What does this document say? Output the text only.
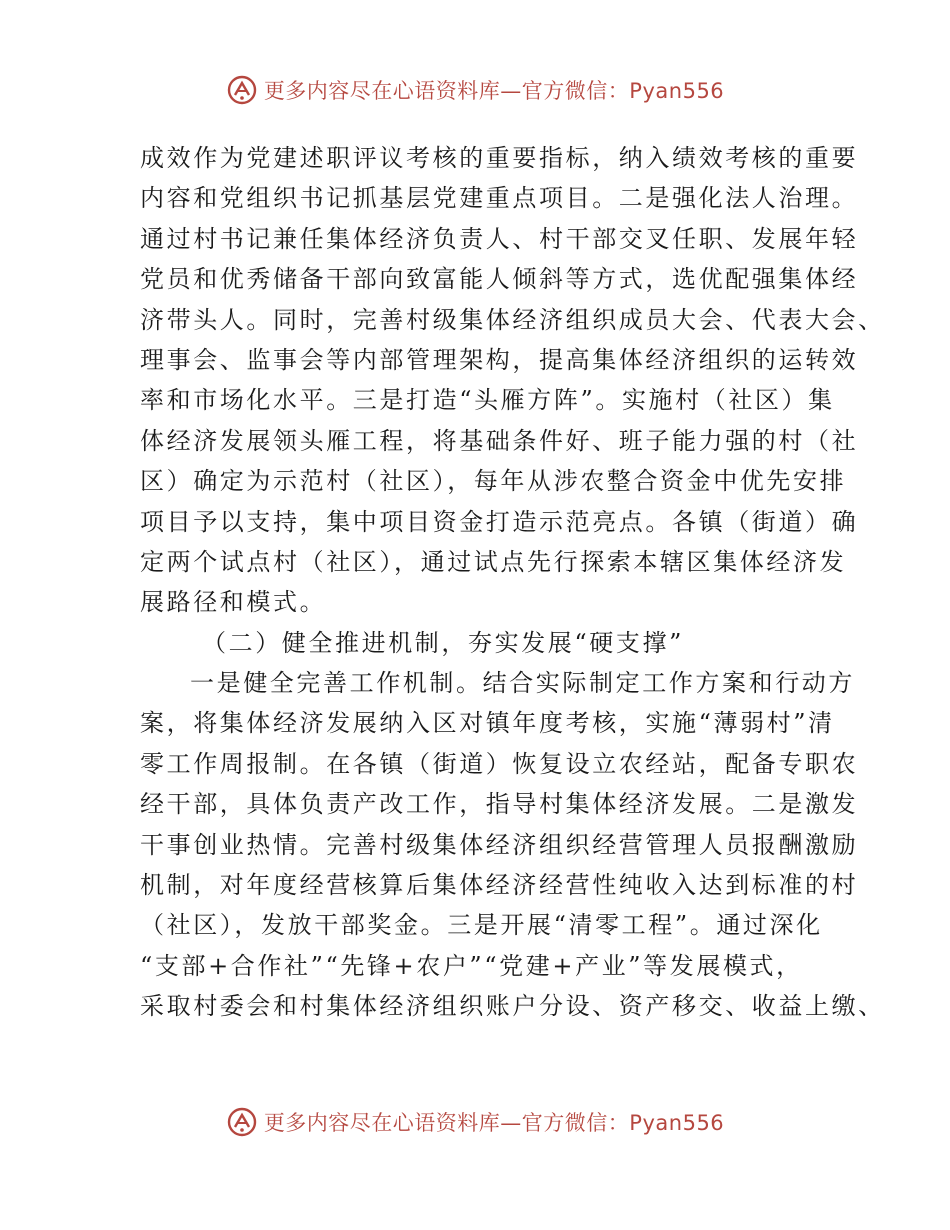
更多内容尽在心语资料库—官方微信：Pyan556
成效作为党建述职评议考核的重要指标，纳入绩效考核的重要
内容和党组织书记抓基层党建重点项目。二是强化法人治理。
通过村书记兼任集体经济负责人、村干部交叉任职、发展年轻
党员和优秀储备干部向致富能人倾斜等方式，选优配强集体经
济带头人。同时，完善村级集体经济组织成员大会、代表大会、
理事会、监事会等内部管理架构，提高集体经济组织的运转效
率和市场化水平。三是打造“头雁方阵”。实施村（社区）集
体经济发展领头雁工程，将基础条件好、班子能力强的村（社
区）确定为示范村（社区），每年从涉农整合资金中优先安排
项目予以支持，集中项目资金打造示范亮点。各镇（街道）确
定两个试点村（社区），通过试点先行探索本辖区集体经济发
展路径和模式。
（二）健全推进机制，夯实发展“硬支撑”
一是健全完善工作机制。结合实际制定工作方案和行动方
案，将集体经济发展纳入区对镇年度考核，实施“薄弱村”清
零工作周报制。在各镇（街道）恢复设立农经站，配备专职农
经干部，具体负责产改工作，指导村集体经济发展。二是激发
干事创业热情。完善村级集体经济组织经营管理人员报酬激励
机制，对年度经营核算后集体经济经营性纯收入达到标准的村
（社区），发放干部奖金。三是开展“清零工程”。通过深化
“支部+合作社”“先锋+农户”“党建+产业”等发展模式，
采取村委会和村集体经济组织账户分设、资产移交、收益上缴、
更多内容尽在心语资料库—官方微信：Pyan556
